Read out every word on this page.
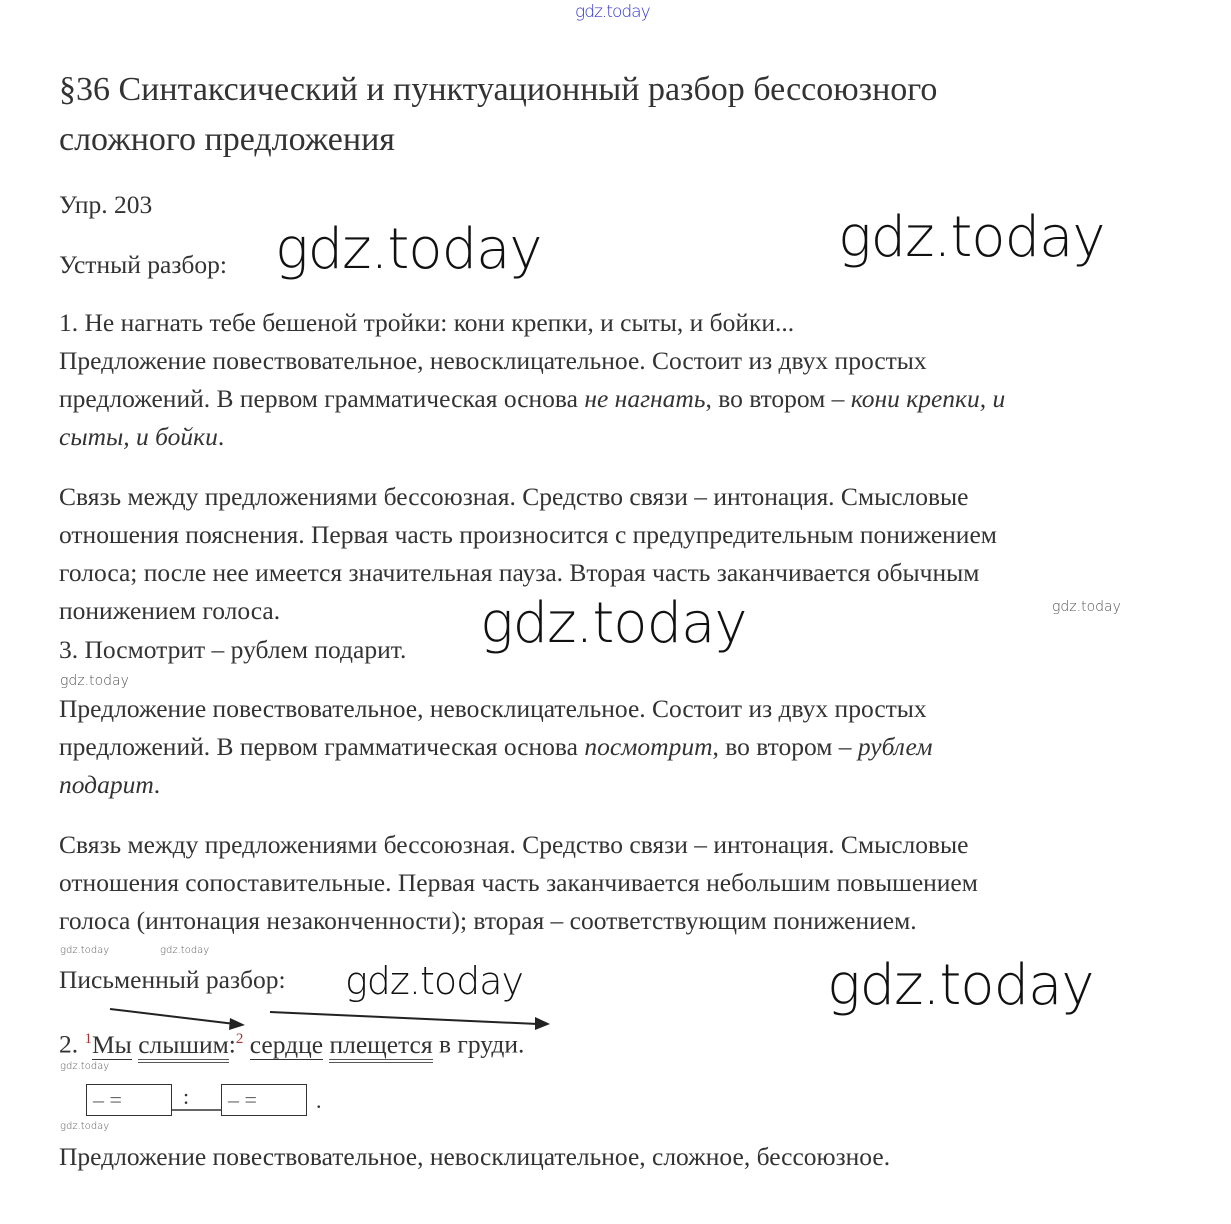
gdz.today
§36 Синтаксический и пунктуационный разбор бессоюзного
сложного предложения
Упр. 203
Устный разбор:
1. Не нагнать тебе бешеной тройки: кони крепки, и сыты, и бойки...
Предложение повествовательное, невосклицательное. Состоит из двух простых
предложений. В первом грамматическая основа не нагнать, во втором – кони крепки, и
сыты, и бойки.
Связь между предложениями бессоюзная. Средство связи – интонация. Смысловые
отношения пояснения. Первая часть произносится с предупредительным понижением
голоса; после нее имеется значительная пауза. Вторая часть заканчивается обычным
понижением голоса.
3. Посмотрит – рублем подарит.
Предложение повествовательное, невосклицательное. Состоит из двух простых
предложений. В первом грамматическая основа посмотрит, во втором – рублем
подарит.
Связь между предложениями бессоюзная. Средство связи – интонация. Смысловые
отношения сопоставительные. Первая часть заканчивается небольшим повышением
голоса (интонация незаконченности); вторая – соответствующим понижением.
Письменный разбор:
2. $^1$Мы слышим:$^2$ сердце плещется в груди.
– =	:	– =	.
Предложение повествовательное, невосклицательное, сложное, бессоюзное.
gdz.today	gdz.today
gdz.today
gdz.today
gdz.today
gdz.today
gdz.today
gdz.today	gdz.today
gdz.today
gdz.today
